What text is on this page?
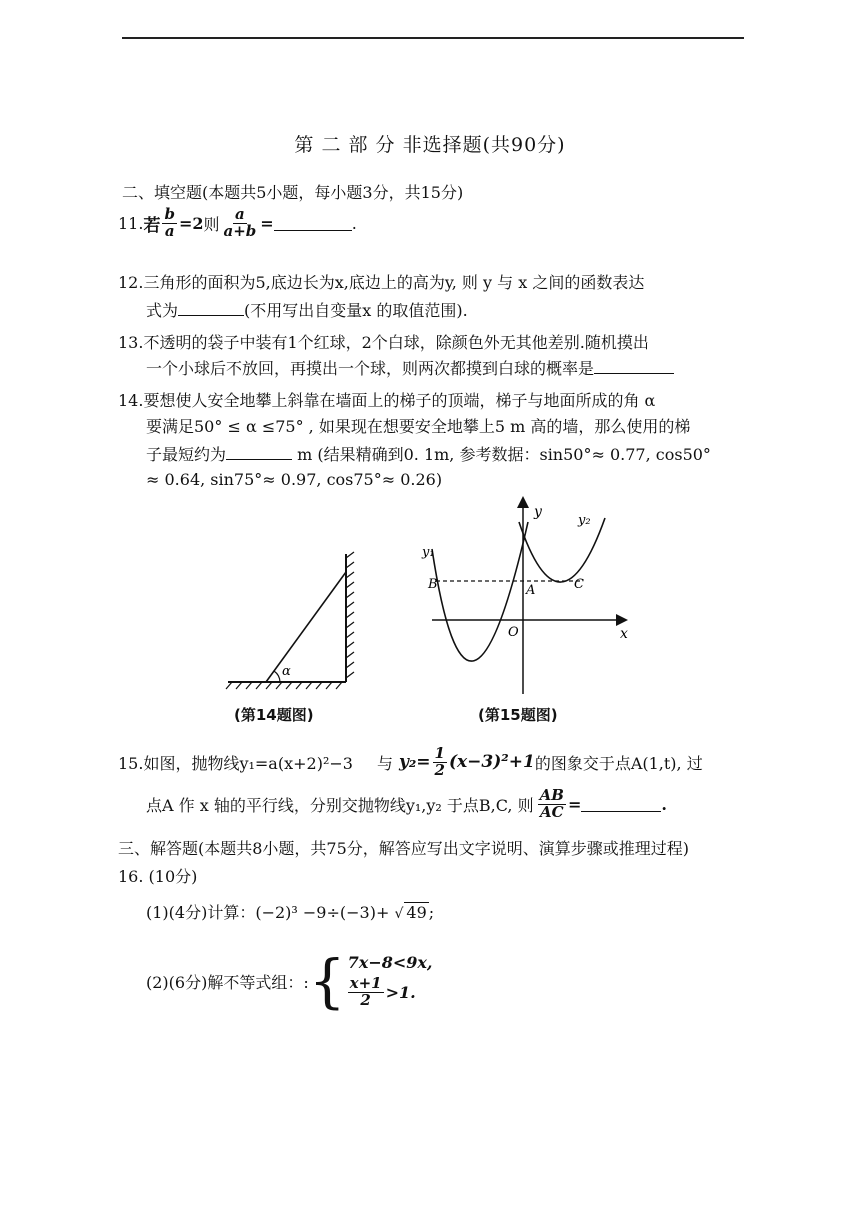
第 二 部 分 非选择题(共90分)
二、填空题(本题共5小题，每小题3分，共15分)
11. 若 $\frac{b}{a} =2$ 则 $\frac{a}{a+b}$ =	.
12.三角形的面积为5,底边长为x,底边上的高为y, 则 y 与 x 之间的函数表达
式为	(不用写出自变量x 的取值范围).
13.不透明的袋子中装有1个红球，2个白球，除颜色外无其他差别.随机摸出
一个小球后不放回，再摸出一个球，则两次都摸到白球的概率是
14.要想使人安全地攀上斜靠在墙面上的梯子的顶端，梯子与地面所成的角 α
要满足50° ≤ α ≤75° , 如果现在想要安全地攀上5 m 高的墙，那么使用的梯
子最短约为	m (结果精确到0. 1m, 参考数据：sin50°≈ 0.77, cos50°
≈ 0.64, sin75°≈ 0.97, cos75°≈ 0.26)
α
(第14题图)
y
x
O
y₁
y₂
B	A	C
(第15题图)
15.如图，抛物线y₁=a(x+2)²−3 与 $y_2= \frac{1}{2} (x-3)^2+1$ 的图象交于点A(1,t), 过
点A 作 x 轴的平行线，分别交抛物线y₁,y₂ 于点B,C, 则 $\frac{AB}{AC}$ =	.
三、解答题(本题共8小题，共75分，解答应写出文字说明、演算步骤或推理过程)
16. (10分)
(1)(4分)计算：(−2)³ −9÷(−3)+ √ 49 ;
(2)(6分)解不等式组：: { 7x−8<9x,
$\frac{x+1}{2} >1$.
